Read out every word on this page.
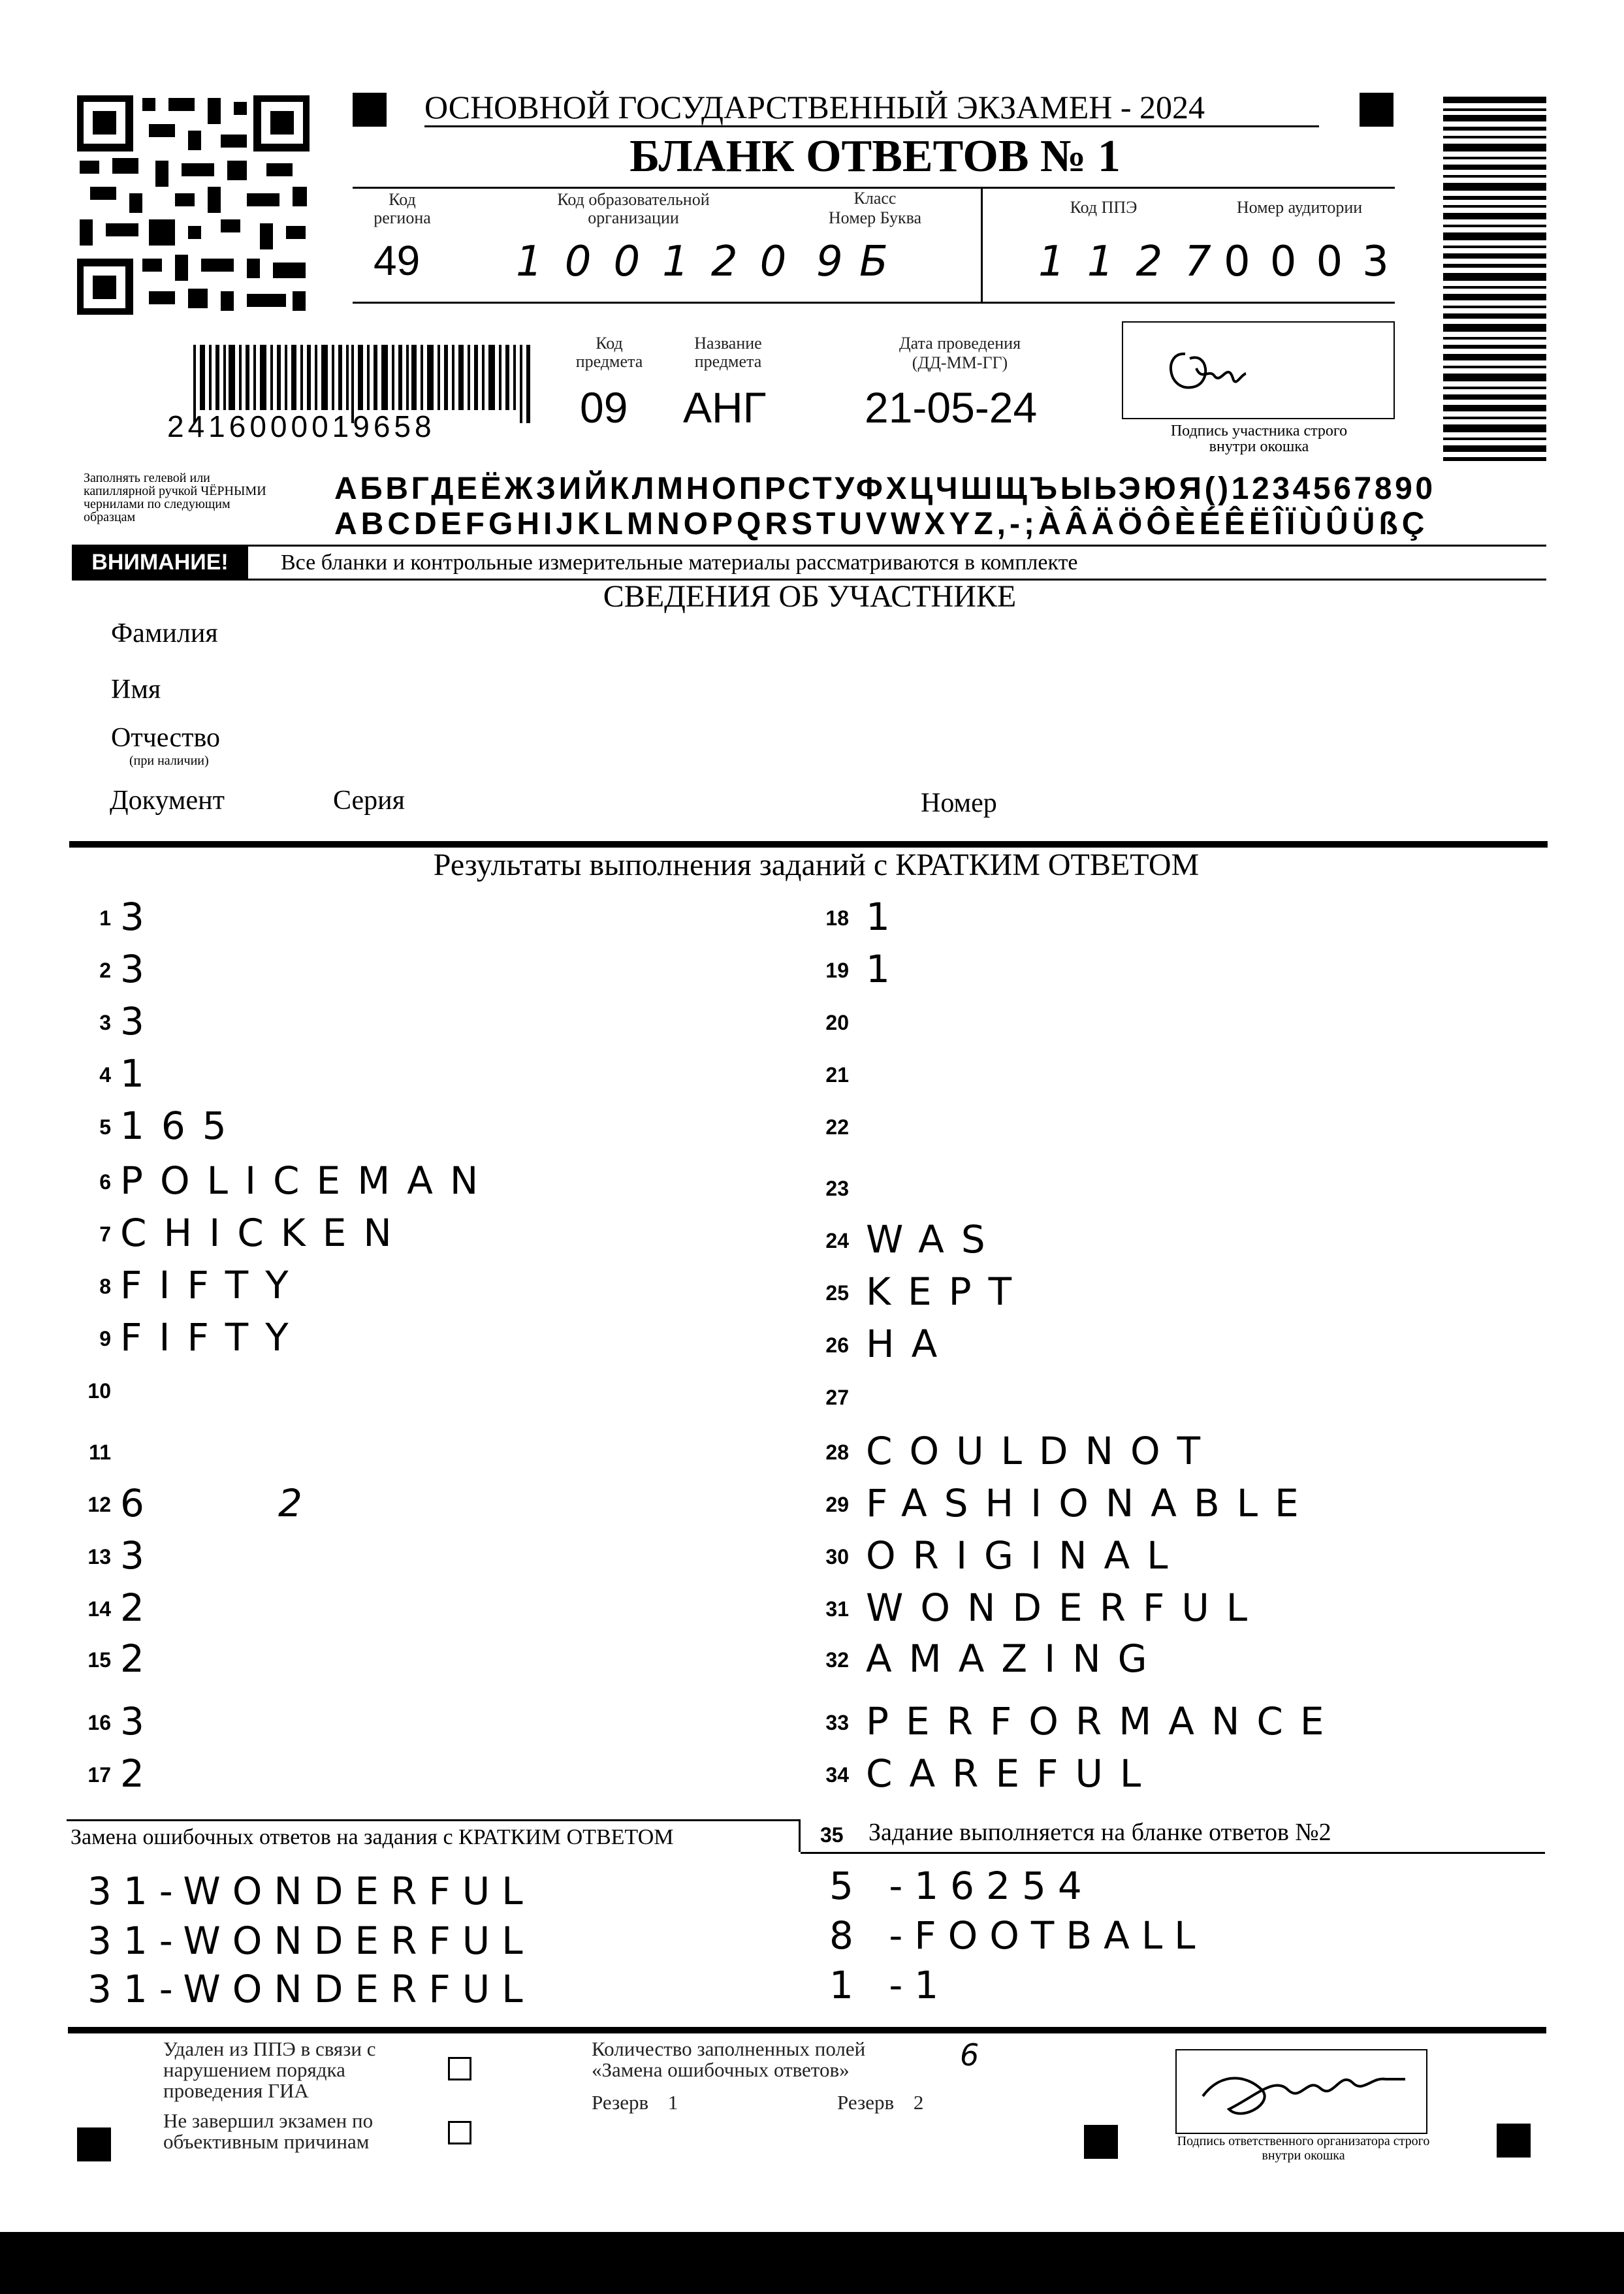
ОСНОВНОЙ ГОСУДАРСТВЕННЫЙ ЭКЗАМЕН - 2024
БЛАНК ОТВЕТОВ № 1
Код региона
49
Код образовательной организации
100120
Класс
Номер Буква
9 Б
Код ППЭ
1127
Номер аудитории
0003
2416000019658
Код предмета
09
Название предмета
АНГ
Дата проведения
(ДД-ММ-ГГ)
21-05-24	Подпись участника строго внутри окошка
Заполнять гелевой или капиллярной ручкой ЧЁРНЫМИ чернилами по следующим образцам
АБВГДЕЁЖЗИЙКЛМНОПРСТУФХЦЧШЩЪЫЬЭЮЯ()1234567890
ABCDEFGHIJKLMNOPQRSTUVWXYZ,-;ÀÂÄÖÔÈÉÊËÎÏÙÛÜßÇ
ВНИМАНИЕ!	Все бланки и контрольные измерительные материалы рассматриваются в комплекте
СВЕДЕНИЯ ОБ УЧАСТНИКЕ
Фамилия
Имя
Отчество
(при наличии)
Документ	Серия	Номер
Результаты выполнения заданий с КРАТКИМ ОТВЕТОМ
1 3
2 3
3 3
4 1
5 165
6 POLICEMAN
7 CHICKEN
8 FIFTY
9 FIFTY
10
11
12 6	2
13 3
14 2
15 2
16 3
17 2
18 1
19 1
20
21
22
23
24 WAS
25 KEPT
26 HA
27
28 COULDNOT
29 FASHIONABLE
30 ORIGINAL
31 WONDERFUL
32 AMAZING
33 PERFORMANCE
34 CAREFUL
Замена ошибочных ответов на задания с КРАТКИМ ОТВЕТОМ	35 Задание выполняется на бланке ответов №2
31-WONDERFUL
31-WONDERFUL
31-WONDERFUL
5 -16254
8 -FOOTBALL
1 -1
Удален из ППЭ в связи с нарушением порядка проведения ГИА
Не завершил экзамен по объективным причинам
Количество заполненных полей «Замена ошибочных ответов»	6
Резерв 1	Резерв 2
Подпись ответственного организатора строго внутри окошка
